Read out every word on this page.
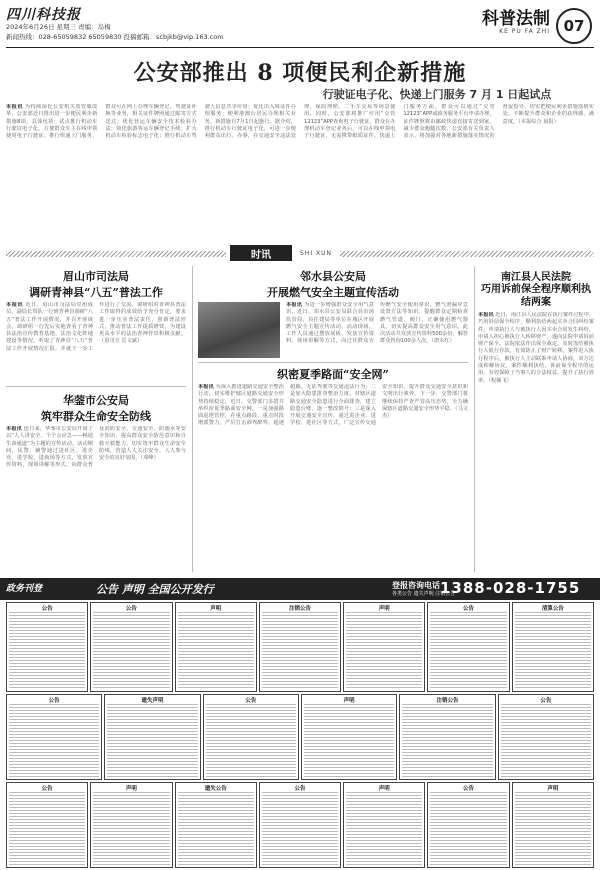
四川科技报
2024年6月26日 星期三 责编：岛梅
新闻热线：028-65059832 65059830 投稿邮箱：scbjkb@vip.163.com
科普法制
KE PU FA ZHI 07
公安部推出 8 项便民利企新措施
行驶证电子化、快递上门服务 7 月 1 日起试点
本报讯 为持续深化公安机关放管服改革，公安部近日推出进一步便民利企新措施8项，具体包括：试点推行机动车行驶证电子化，方便群众车主在线申领使用电子行驶证；推行快递上门服务，群众可在网上办理车辆登记、驾驶证补换等业务，相关证件牌照通过邮寄方式送达；优化营运车辆安全技术检验办法；简化旅游客运车辆登记手续；扩大机动车检验标志电子化；推行机动车驾驶人信息共享应用；优化出入境证件办理服务；便利港澳台居民办理相关业务。新措施自7月1日起施行。据介绍，推行机动车行驶证电子化，可进一步便利群众出行、办事，在交通安全违法处理、保险理赔、二手车交易等场景使用。同时，公安部将推广应用“交管12123”APP查询电子行驶证，群众在办理机动车登记业务后，可以在线申领电子行驶证，无需携带纸质证件。快递上门服务方面，群众可以通过“交管12123”APP或政务服务平台申请办理，证件牌照将由邮政快递直接寄送到家，减少群众跑腿次数。公安部有关负责人表示，将加强对各地新措施落实情况的督促指导，切实把便民利企措施落到实处，不断提升群众和企业的获得感、满意度。（本报综合 晨报）
时讯	SHI XUN
眉山市司法局
调研青神县“八五”普法工作
本报讯 近日，眉山市司法局党组成员、副局长带队一行到青神县调研“八五”普法工作开展情况，并召开座谈会。调研组一行先后实地查看了青神县法治宣传教育基地、法治文化阵地建设等情况，听取了青神县“八五”普法工作开展情况汇报，并就下一步工作进行了交流。调研组对青神县普法工作取得的成效给予充分肯定，要求进一步压实普法责任，创新普法形式，推动普法工作提质增效，为建设更高水平的法治青神作出积极贡献。（眉司宣 岳文斌）
华蓥市公安局
筑牢群众生命安全防线
本报讯 连日来，华蓥市公安局开展了以“人人讲安全、个个会应急——畅通生命通道”为主题的宣传活动。活动期间，民警、辅警通过进社区、进企业、进学校、进商场等方式，发放宣传资料、现场讲解等形式，向群众普及消防安全、交通安全、防溺水等安全知识，提高群众安全防范意识和自救互救能力，切实筑牢群众生命安全防线，营造人人关注安全、人人参与安全的良好氛围。（邓峰）
邻水县公安局
开展燃气安全主题宣传活动
本报讯 为进一步增强群众安全用气意识，近日，邻水县公安局联合县市场监管局、县住建局等单位在城区开展燃气安全主题宣传活动。活动现场，工作人员通过摆放展板、发放宣传资料、现场讲解等方式，向过往群众宣传燃气安全使用常识、燃气泄漏应急处置方法等知识，提醒群众定期检查燃气管道、阀门，正确使用燃气器具，切实提高群众安全用气意识。此次活动共发放宣传资料500余份，解答群众咨询100余人次。（唐永红）
织密夏季路面“安全网”
本报讯 为深入推进道路交通安全整治行动，切实维护辖区道路交通安全形势持续稳定，近日，交警部门多措并举织密夏季路面安全网。一是加强路面巡逻管控，在重点路段、重点时段增派警力，严厉打击酒驾醉驾、超速超载、无证驾驶等交通违法行为；二是加大隐患排查整治力度，对辖区道路交通安全隐患进行全面排查，建立隐患台账，逐一整改销号；三是深入开展交通安全宣传，通过进企业、进学校、进社区等方式，广泛宣传交通安全知识，提升群众交通安全意识和文明出行素养。下一步，交警部门将继续保持严查严管高压态势，全力确保辖区道路交通安全形势平稳。（马文杰）
南江县人民法院
巧用诉前保全程序顺利执结两案
本报讯 近日，南江县人民法院在执行案件过程中，巧用诉前保全程序，顺利执结两起买卖合同纠纷案件。申请执行人与被执行人因买卖合同发生纠纷，申请人担心被执行人转移财产，遂向法院申请诉前财产保全。法院依法作出保全裁定，及时冻结被执行人银行存款，有效防止了财产转移。案件进入执行程序后，被执行人主动联系申请人协商，双方达成和解协议，案件顺利执结。诉前保全程序的运用，有效保障了当事人的合法权益，提升了执行效率。（程佩飞）
政务刊登	公告 声明 全国公开发行	登报咨询电话
各类公告 遗失声明 注销公告
1388-028-1755
公告	公告	声明	注销公告	声明	公告	清算公告
公告	遗失声明	公告	声明	注销公告	公告
公告	声明	遗失公告	公告	声明	公告	声明
